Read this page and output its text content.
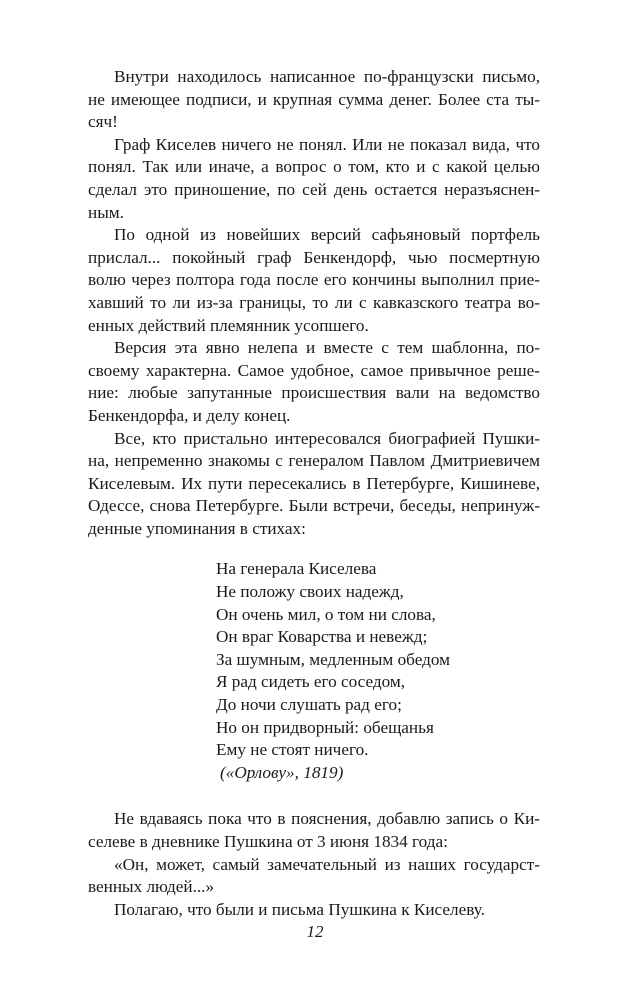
Внутри находилось написанное по-французски письмо,
не имеющее подписи, и крупная сумма денег. Более ста ты-
сяч!

Граф Киселев ничего не понял. Или не показал вида, что
понял. Так или иначе, а вопрос о том, кто и с какой целью
сделал это приношение, по сей день остается неразъяснен-
ным.

По одной из новейших версий сафьяновый портфель
прислал... покойный граф Бенкендорф, чью посмертную
волю через полтора года после его кончины выполнил прие-
хавший то ли из-за границы, то ли с кавказского театра во-
енных действий племянник усопшего.

Версия эта явно нелепа и вместе с тем шаблонна, по-
своему характерна. Самое удобное, самое привычное реше-
ние: любые запутанные происшествия вали на ведомство
Бенкендорфа, и делу конец.

Все, кто пристально интересовался биографией Пушки-
на, непременно знакомы с генералом Павлом Дмитриевичем
Киселевым. Их пути пересекались в Петербурге, Кишиневе,
Одессе, снова Петербурге. Были встречи, беседы, непринуж-
денные упоминания в стихах:

На генерала Киселева
Не положу своих надежд,
Он очень мил, о том ни слова,
Он враг Коварства и невежд;
За шумным, медленным обедом
Я рад сидеть его соседом,
До ночи слушать рад его;
Но он придворный: обещанья
Ему не стоят ничего.
(«Орлову», 1819)

Не вдаваясь пока что в пояснения, добавлю запись о Ки-
селеве в дневнике Пушкина от 3 июня 1834 года:

«Он, может, самый замечательный из наших государст-
венных людей...»

Полагаю, что были и письма Пушкина к Киселеву.

12
